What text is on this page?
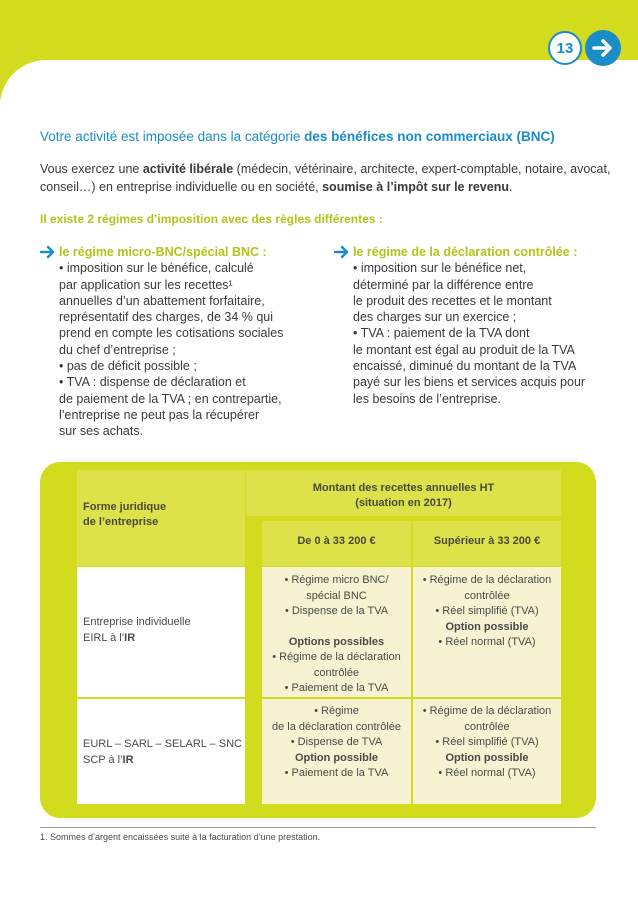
13
Votre activité est imposée dans la catégorie des bénéfices non commerciaux (BNC)
Vous exercez une activité libérale (médecin, vétérinaire, architecte, expert-comptable, notaire, avocat, conseil…) en entreprise individuelle ou en société, soumise à l’impôt sur le revenu.
Il existe 2 régimes d’imposition avec des règles différentes :
le régime micro-BNC/spécial BNC :
• imposition sur le bénéfice, calculé
par application sur les recettes¹
annuelles d’un abattement forfaitaire,
représentatif des charges, de 34 % qui
prend en compte les cotisations sociales
du chef d’entreprise ;
• pas de déficit possible ;
• TVA : dispense de déclaration et
de paiement de la TVA ; en contrepartie,
l’entreprise ne peut pas la récupérer
sur ses achats.
le régime de la déclaration contrôlée :
• imposition sur le bénéfice net,
déterminé par la différence entre
le produit des recettes et le montant
des charges sur un exercice ;
• TVA : paiement de la TVA dont
le montant est égal au produit de la TVA
encaissé, diminué du montant de la TVA
payé sur les biens et services acquis pour
les besoins de l’entreprise.
Forme juridique
de l’entreprise
Montant des recettes annuelles HT
(situation en 2017)
De 0 à 33 200 €	Supérieur à 33 200 €
Entreprise individuelle
EIRL à l’IR
• Régime micro BNC/
spécial BNC
• Dispense de la TVA
Options possibles
• Régime de la déclaration
contrôlée
• Paiement de la TVA
• Régime de la déclaration
contrôlée
• Réel simplifié (TVA)
Option possible
• Réel normal (TVA)
EURL – SARL – SELARL – SNC
SCP à l’IR
• Régime
de la déclaration contrôlée
• Dispense de TVA
Option possible
• Paiement de la TVA
• Régime de la déclaration
contrôlée
• Réel simplifié (TVA)
Option possible
• Réel normal (TVA)
1. Sommes d’argent encaissées suite à la facturation d’une prestation.
